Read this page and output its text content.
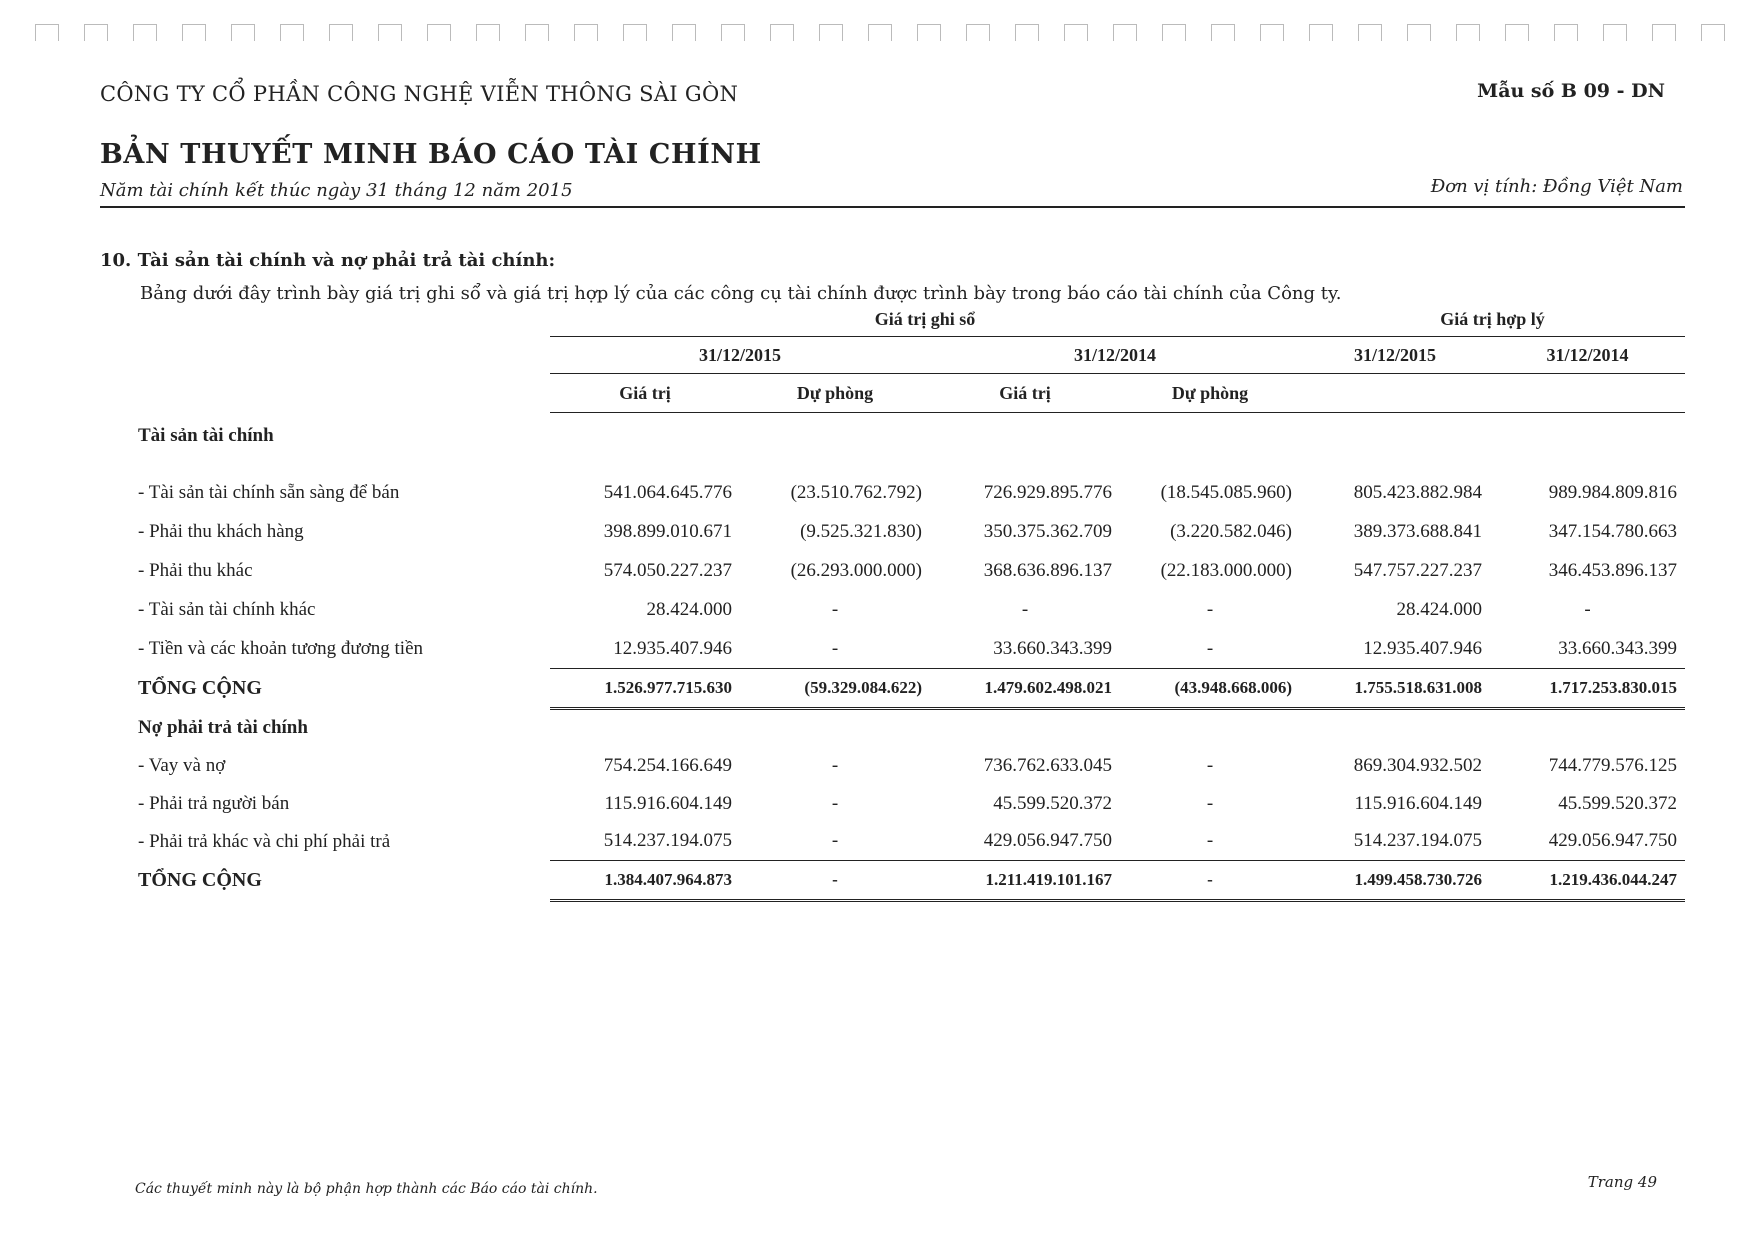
CÔNG TY CỔ PHẦN CÔNG NGHỆ VIỄN THÔNG SÀI GÒN	Mẫu số B 09 - DN
BẢN THUYẾT MINH BÁO CÁO TÀI CHÍNH
Năm tài chính kết thúc ngày 31 tháng 12 năm 2015	Đơn vị tính: Đồng Việt Nam
10. Tài sản tài chính và nợ phải trả tài chính:
Bảng dưới đây trình bày giá trị ghi sổ và giá trị hợp lý của các công cụ tài chính được trình bày trong báo cáo tài chính của Công ty.
	Giá trị ghi sổ				Giá trị hợp lý	
	31/12/2015		31/12/2014		31/12/2015	31/12/2014
	Giá trị	Dự phòng	Giá trị	Dự phòng		
Tài sản tài chính						
- Tài sản tài chính sẵn sàng để bán	541.064.645.776	(23.510.762.792)	726.929.895.776	(18.545.085.960)	805.423.882.984	989.984.809.816
- Phải thu khách hàng	398.899.010.671	(9.525.321.830)	350.375.362.709	(3.220.582.046)	389.373.688.841	347.154.780.663
- Phải thu khác	574.050.227.237	(26.293.000.000)	368.636.896.137	(22.183.000.000)	547.757.227.237	346.453.896.137
- Tài sản tài chính khác	28.424.000	-	-	-	28.424.000	-
- Tiền và các khoản tương đương tiền	12.935.407.946	-	33.660.343.399	-	12.935.407.946	33.660.343.399
TỔNG CỘNG	1.526.977.715.630	(59.329.084.622)	1.479.602.498.021	(43.948.668.006)	1.755.518.631.008	1.717.253.830.015
Nợ phải trả tài chính						
- Vay và nợ	754.254.166.649	-	736.762.633.045	-	869.304.932.502	744.779.576.125
- Phải trả người bán	115.916.604.149	-	45.599.520.372	-	115.916.604.149	45.599.520.372
- Phải trả khác và chi phí phải trả	514.237.194.075	-	429.056.947.750	-	514.237.194.075	429.056.947.750
TỔNG CỘNG	1.384.407.964.873	-	1.211.419.101.167	-	1.499.458.730.726	1.219.436.044.247
Các thuyết minh này là bộ phận hợp thành các Báo cáo tài chính.	Trang 49
